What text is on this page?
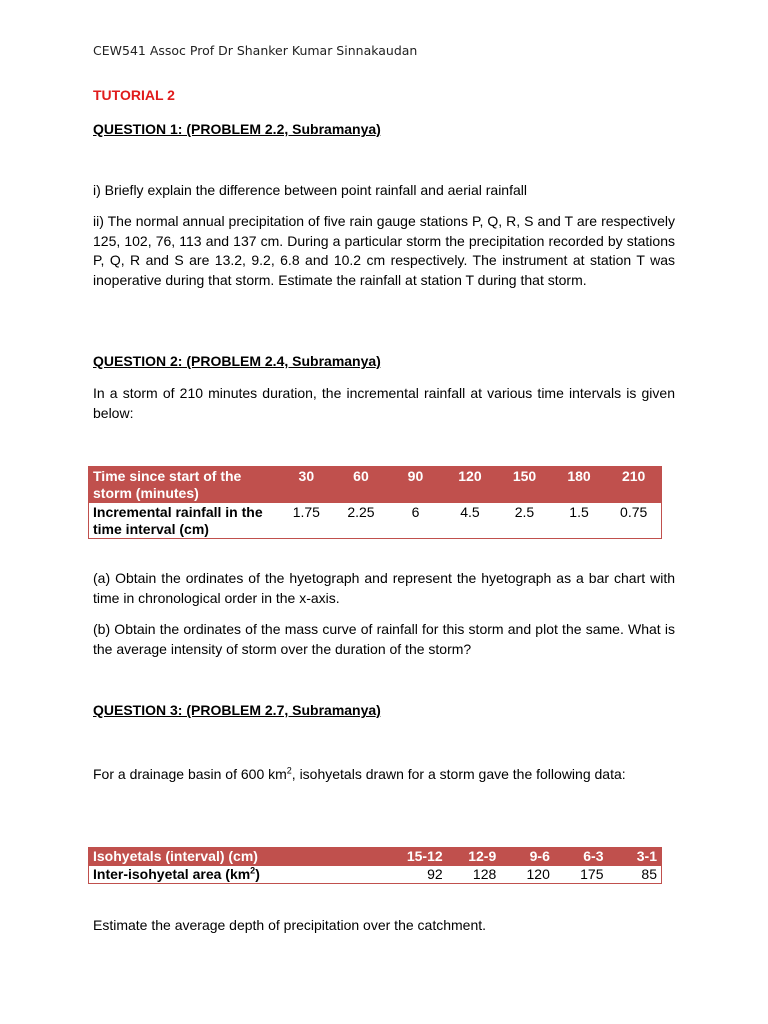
CEW541 Assoc Prof Dr Shanker Kumar Sinnakaudan
TUTORIAL 2
QUESTION 1: (PROBLEM 2.2, Subramanya)
i) Briefly explain the difference between point rainfall and aerial rainfall
ii) The normal annual precipitation of five rain gauge stations P, Q, R, S and T are respectively 125, 102, 76, 113 and 137 cm. During a particular storm the precipitation recorded by stations P, Q, R and S are 13.2, 9.2, 6.8 and 10.2 cm respectively. The instrument at station T was inoperative during that storm. Estimate the rainfall at station T during that storm.
QUESTION 2: (PROBLEM 2.4, Subramanya)
In a storm of 210 minutes duration, the incremental rainfall at various time intervals is given below:
Time since start of the storm (minutes)	30	60	90	120	150	180	210
Incremental rainfall in the time interval (cm)	1.75	2.25	6	4.5	2.5	1.5	0.75
(a) Obtain the ordinates of the hyetograph and represent the hyetograph as a bar chart with time in chronological order in the x-axis.
(b) Obtain the ordinates of the mass curve of rainfall for this storm and plot the same. What is the average intensity of storm over the duration of the storm?
QUESTION 3: (PROBLEM 2.7, Subramanya)
For a drainage basin of 600 $km^2$, isohyetals drawn for a storm gave the following data:
Isohyetals (interval) (cm)	15-12	12-9	9-6	6-3	3-1
Inter-isohyetal area $(km^2)$	92	128	120	175	85
Estimate the average depth of precipitation over the catchment.
